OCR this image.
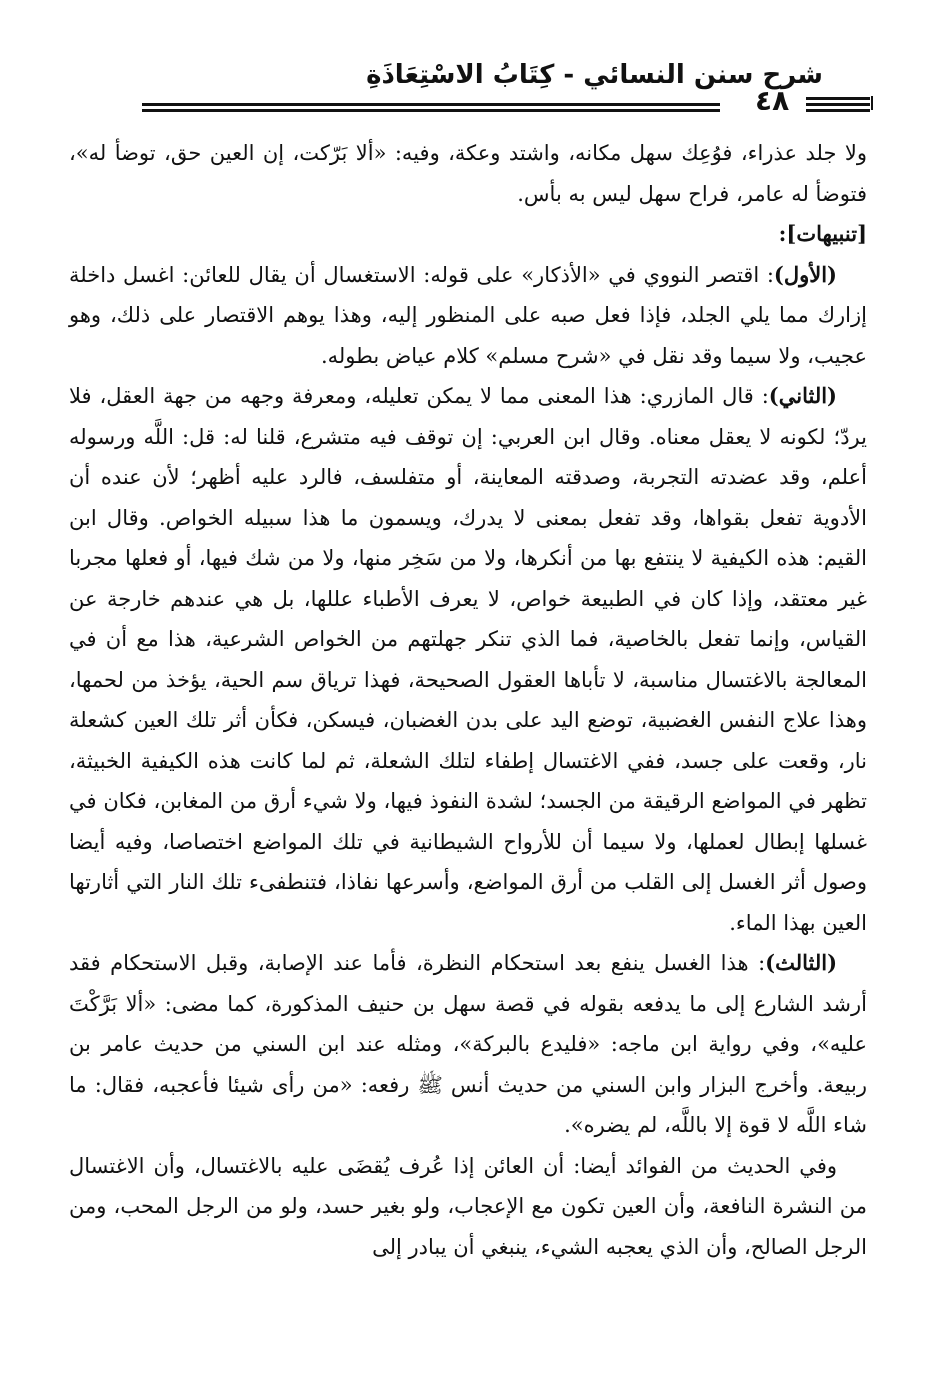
شرح سنن النسائي - كِتَابُ الاسْتِعَاذَةِ
٤٨

ولا جلد عذراء، فوُعِك سهل مكانه، واشتد وعكة، وفيه: «ألا بَرّكت، إن العين حق، توضأ له»، فتوضأ له عامر، فراح سهل ليس به بأس.

[تنبيهات]:

(الأول): اقتصر النووي في «الأذكار» على قوله: الاستغسال أن يقال للعائن: اغسل داخلة إزارك مما يلي الجلد، فإذا فعل صبه على المنظور إليه، وهذا يوهم الاقتصار على ذلك، وهو عجيب، ولا سيما وقد نقل في «شرح مسلم» كلام عياض بطوله.

(الثاني): قال المازري: هذا المعنى مما لا يمكن تعليله، ومعرفة وجهه من جهة العقل، فلا يردّ؛ لكونه لا يعقل معناه. وقال ابن العربي: إن توقف فيه متشرع، قلنا له: قل: اللَّه ورسوله أعلم، وقد عضدته التجربة، وصدقته المعاينة، أو متفلسف، فالرد عليه أظهر؛ لأن عنده أن الأدوية تفعل بقواها، وقد تفعل بمعنى لا يدرك، ويسمون ما هذا سبيله الخواص. وقال ابن القيم: هذه الكيفية لا ينتفع بها من أنكرها، ولا من سَخِر منها، ولا من شك فيها، أو فعلها مجربا غير معتقد، وإذا كان في الطبيعة خواص، لا يعرف الأطباء عللها، بل هي عندهم خارجة عن القياس، وإنما تفعل بالخاصية، فما الذي تنكر جهلتهم من الخواص الشرعية، هذا مع أن في المعالجة بالاغتسال مناسبة، لا تأباها العقول الصحيحة، فهذا ترياق سم الحية، يؤخذ من لحمها، وهذا علاج النفس الغضبية، توضع اليد على بدن الغضبان، فيسكن، فكأن أثر تلك العين كشعلة نار، وقعت على جسد، ففي الاغتسال إطفاء لتلك الشعلة، ثم لما كانت هذه الكيفية الخبيثة، تظهر في المواضع الرقيقة من الجسد؛ لشدة النفوذ فيها، ولا شيء أرق من المغابن، فكان في غسلها إبطال لعملها، ولا سيما أن للأرواح الشيطانية في تلك المواضع اختصاصا، وفيه أيضا وصول أثر الغسل إلى القلب من أرق المواضع، وأسرعها نفاذا، فتنطفىء تلك النار التي أثارتها العين بهذا الماء.

(الثالث): هذا الغسل ينفع بعد استحكام النظرة، فأما عند الإصابة، وقبل الاستحكام فقد أرشد الشارع إلى ما يدفعه بقوله في قصة سهل بن حنيف المذكورة، كما مضى: «ألا بَرَّكْتَ عليه»، وفي رواية ابن ماجه: «فليدع بالبركة»، ومثله عند ابن السني من حديث عامر بن ربيعة. وأخرج البزار وابن السني من حديث أنس ﷺ رفعه: «من رأى شيئا فأعجبه، فقال: ما شاء اللَّه لا قوة إلا باللَّه، لم يضره».

وفي الحديث من الفوائد أيضا: أن العائن إذا عُرف يُقضَى عليه بالاغتسال، وأن الاغتسال من النشرة النافعة، وأن العين تكون مع الإعجاب، ولو بغير حسد، ولو من الرجل المحب، ومن الرجل الصالح، وأن الذي يعجبه الشيء، ينبغي أن يبادر إلى
